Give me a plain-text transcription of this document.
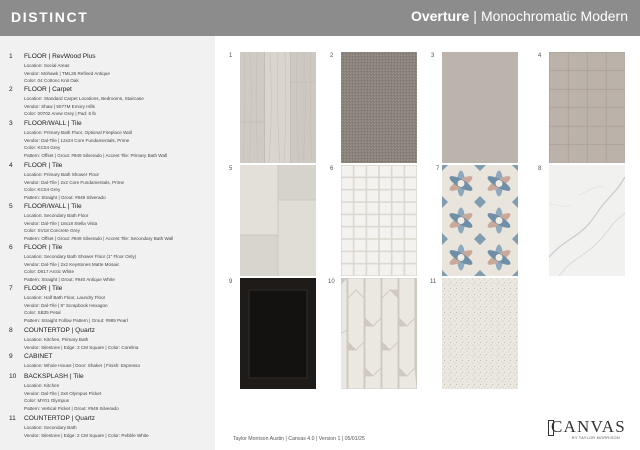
DISTINCT	Overture | Monochromatic Modern
1 FLOOR | RevWood Plus
Location: Social Areas
Vendor: Mohawk | TML26 Refined Antique
Color: 04 Cottonc Knit Oak
2 FLOOR | Carpet
Location: Standard Carpet Locations, Bedrooms, Staircase
Vendor: Shaw | 5077M Emory Hills
Color: 00702 Anew Grey | Pad: 6 lb
3 FLOOR/WALL | Tile
Location: Primary Bath Floor, Optional Fireplace Wall
Vendor: Dal-Tile | 12x24 Core Fundamentals, Prime
Color: KC04 Grey
Pattern: Offset | Grout: #949 Silverado | Accent Tile: Primary Bath Wall
4 FLOOR | Tile
Location: Primary Bath Shower Floor
Vendor: Dal-Tile | 2x2 Core Fundamentals, Prime
Color: KC04 Grey
Pattern: Straight | Grout: #949 Silverado
5 FLOOR/WALL | Tile
Location: Secondary Bath Floor
Vendor: Dal-Tile | 18x18 Stella Vista
Color: SV18 Concrete Grey
Pattern: Offset | Grout: #949 Silverado | Accent Tile: Secondary Bath Wall
6 FLOOR | Tile
Location: Secondary Bath Shower Floor (1" Floor Only)
Vendor: Dal-Tile | 2x2 Keystones Matte Mosaic
Color: D617 Arctic White
Pattern: Straight | Grout: #940 Antique White
7 FLOOR | Tile
Location: Half Bath Floor, Laundry Floor
Vendor: Dal-Tile | 8" Scrapbook Hexagon
Color: SB35 Petal
Pattern: Straight Follow Pattern | Grout: #989 Pearl
8 COUNTERTOP | Quartz
Location: Kitchen, Primary Bath
Vendor: Silestone | Edge: 3 CM Square | Color: Corelina
9 CABINET
Location: Whole House | Door: Shaker | Finish: Espresso
10 BACKSPLASH | Tile
Location: Kitchen
Vendor: Dal-Tile | 2x8 Olympus Picket
Color: MY01 Olympus
Pattern: Vertical Picket | Grout: #949 Silverado
11 COUNTERTOP | Quartz
Location: Secondary Bath
Vendor: Silestone | Edge: 2 CM Square | Color: Pebble White
1	2	3	4
5	6	7	8
9	10	11
Taylor Morrison Austin | Canvas 4.0 | Version 1 | 05/01/25
CANVAS
BY TAYLOR MORRISON
